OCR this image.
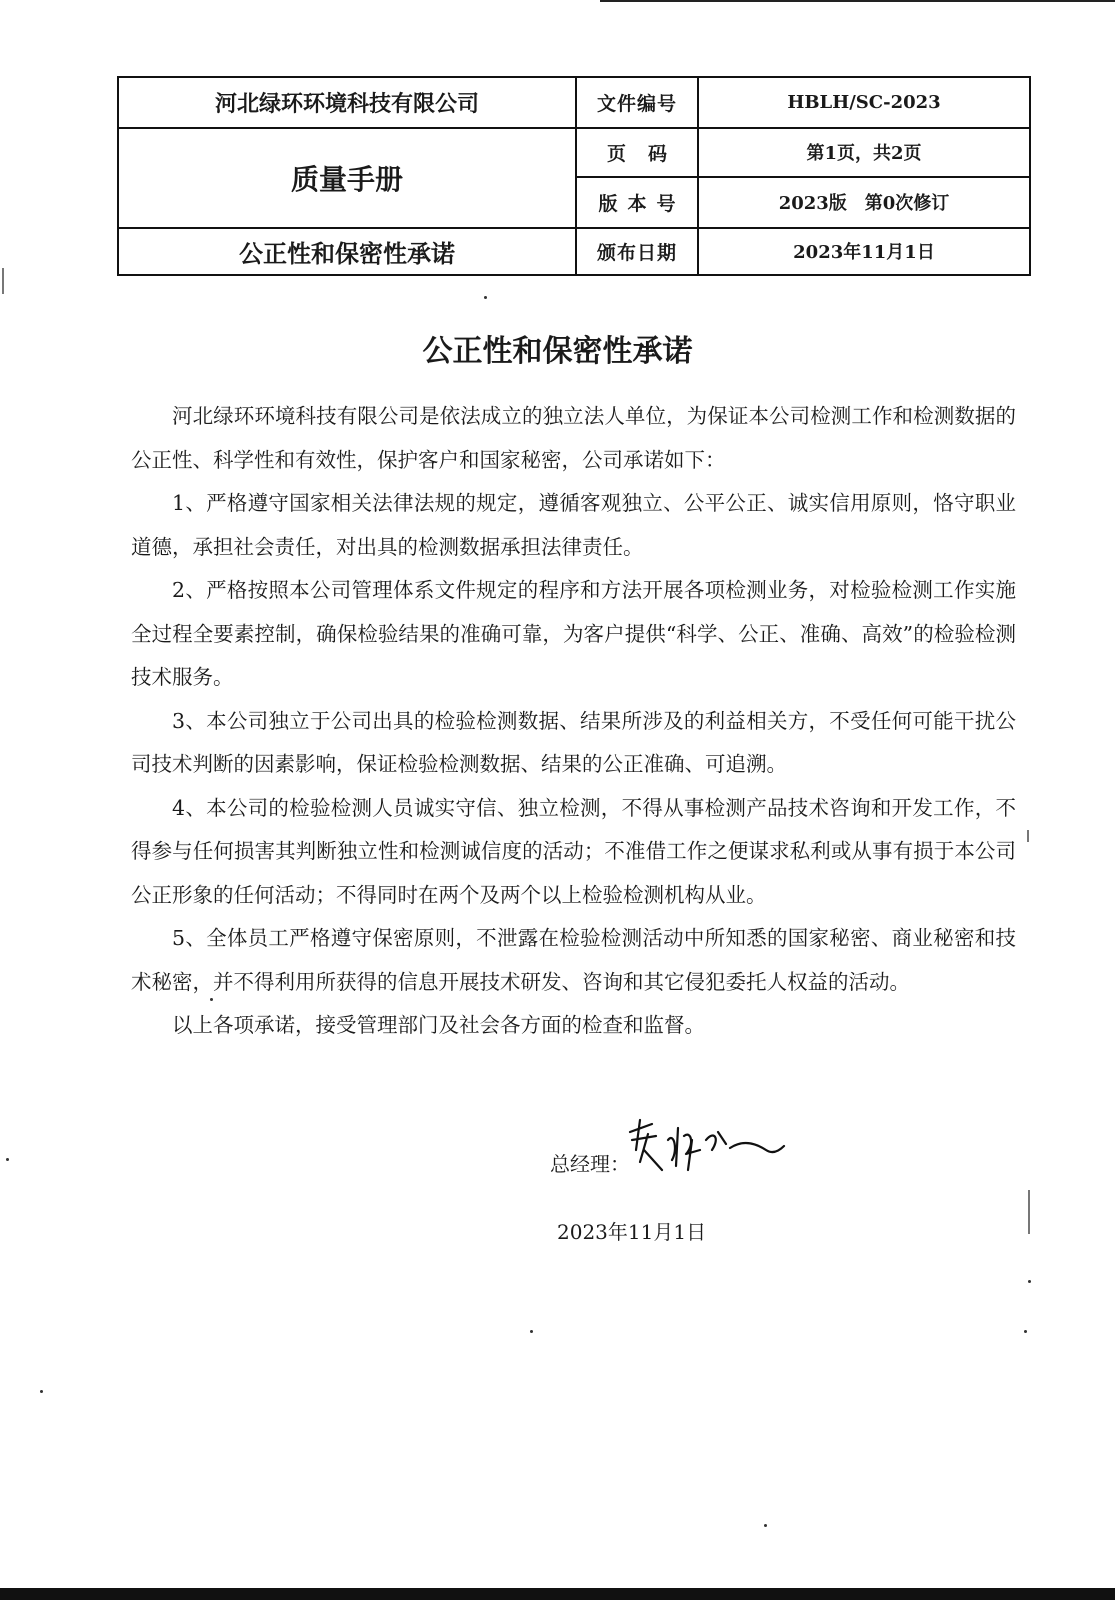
河北绿环环境科技有限公司	文件编号	HBLH/SC-2023
质量手册	页码	第1页，共2页
	版本号	2023版　第0次修订
公正性和保密性承诺	颁布日期	2023年11月1日
公正性和保密性承诺

河北绿环环境科技有限公司是依法成立的独立法人单位，为保证本公司检测工作和检测数据的公正性、科学性和有效性，保护客户和国家秘密，公司承诺如下：

1、严格遵守国家相关法律法规的规定，遵循客观独立、公平公正、诚实信用原则，恪守职业道德，承担社会责任，对出具的检测数据承担法律责任。

2、严格按照本公司管理体系文件规定的程序和方法开展各项检测业务，对检验检测工作实施全过程全要素控制，确保检验结果的准确可靠，为客户提供“科学、公正、准确、高效”的检验检测技术服务。

3、本公司独立于公司出具的检验检测数据、结果所涉及的利益相关方，不受任何可能干扰公司技术判断的因素影响，保证检验检测数据、结果的公正准确、可追溯。

4、本公司的检验检测人员诚实守信、独立检测，不得从事检测产品技术咨询和开发工作，不得参与任何损害其判断独立性和检测诚信度的活动；不准借工作之便谋求私利或从事有损于本公司公正形象的任何活动；不得同时在两个及两个以上检验检测机构从业。

5、全体员工严格遵守保密原则，不泄露在检验检测活动中所知悉的国家秘密、商业秘密和技术秘密，并不得利用所获得的信息开展技术研发、咨询和其它侵犯委托人权益的活动。

以上各项承诺，接受管理部门及社会各方面的检查和监督。

总经理：
2023年11月1日
